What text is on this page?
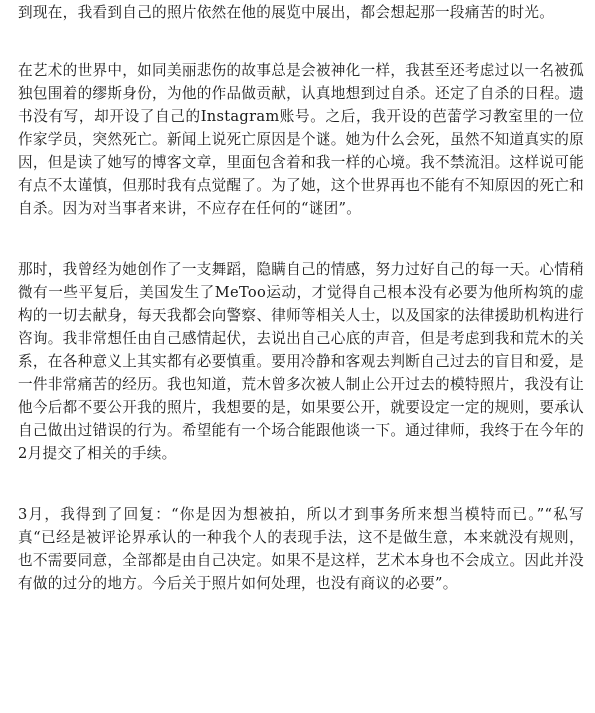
到现在，我看到自己的照片依然在他的展览中展出，都会想起那一段痛苦的时光。

在艺术的世界中，如同美丽悲伤的故事总是会被神化一样，我甚至还考虑过以一名被孤独包围着的缪斯身份，为他的作品做贡献，认真地想到过自杀。还定了自杀的日程。遗书没有写，却开设了自己的Instagram账号。之后，我开设的芭蕾学习教室里的一位作家学员，突然死亡。新闻上说死亡原因是个谜。她为什么会死，虽然不知道真实的原因，但是读了她写的博客文章，里面包含着和我一样的心境。我不禁流泪。这样说可能有点不太谨慎，但那时我有点觉醒了。为了她，这个世界再也不能有不知原因的死亡和自杀。因为对当事者来讲，不应存在任何的“谜团”。

那时，我曾经为她创作了一支舞蹈，隐瞒自己的情感，努力过好自己的每一天。心情稍微有一些平复后，美国发生了MeToo运动，才觉得自己根本没有必要为他所构筑的虚构的一切去献身，每天我都会向警察、律师等相关人士，以及国家的法律援助机构进行咨询。我非常想任由自己感情起伏，去说出自己心底的声音，但是考虑到我和荒木的关系，在各种意义上其实都有必要慎重。要用冷静和客观去判断自己过去的盲目和爱，是一件非常痛苦的经历。我也知道，荒木曾多次被人制止公开过去的模特照片，我没有让他今后都不要公开我的照片，我想要的是，如果要公开，就要设定一定的规则，要承认自己做出过错误的行为。希望能有一个场合能跟他谈一下。通过律师，我终于在今年的2月提交了相关的手续。

3月，我得到了回复：“你是因为想被拍，所以才到事务所来想当模特而已。”“私写真“已经是被评论界承认的一种我个人的表现手法，这不是做生意，本来就没有规则，也不需要同意，全部都是由自己决定。如果不是这样，艺术本身也不会成立。因此并没有做的过分的地方。今后关于照片如何处理，也没有商议的必要”。
